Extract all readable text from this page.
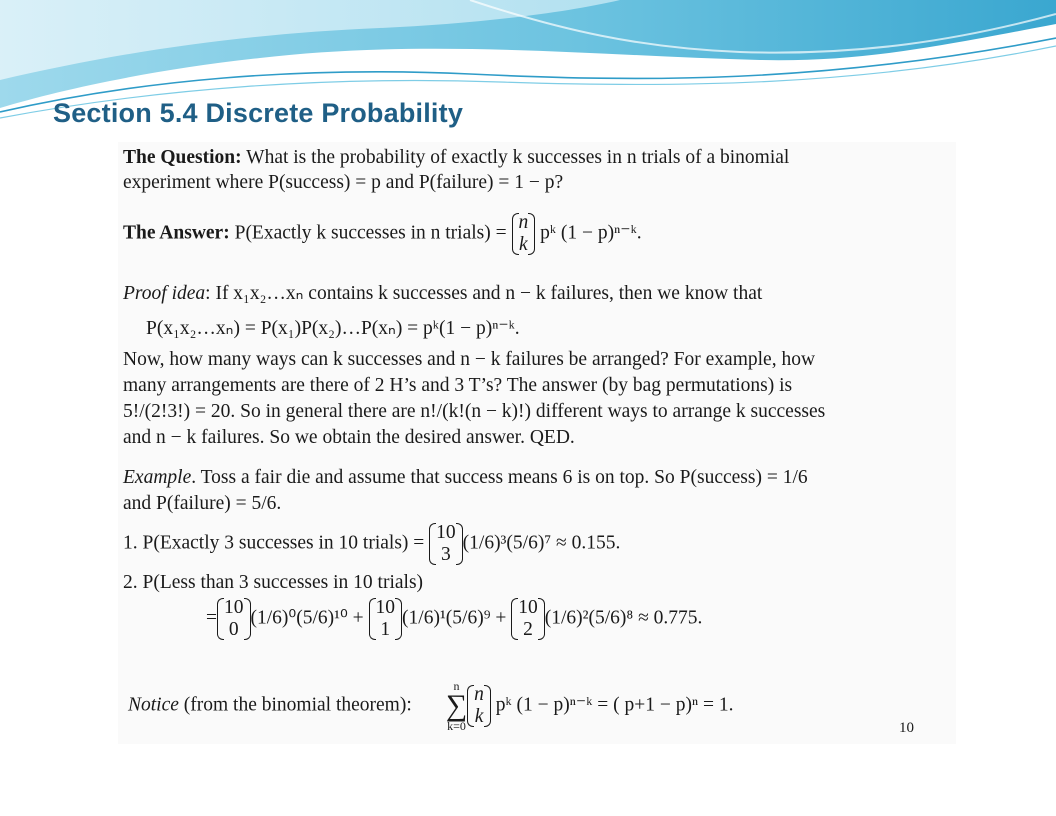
Section 5.4 Discrete Probability
The Question: What is the probability of exactly k successes in n trials of a binomial
experiment where P(success) = p and P(failure) = 1 − p?
The Answer: P(Exactly k successes in n trials) = n
k
pᵏ (1 − p)ⁿ⁻ᵏ.
Proof idea: If x₁x₂…xₙ contains k successes and n − k failures, then we know that
P(x₁x₂…xₙ) = P(x₁)P(x₂)…P(xₙ) = pᵏ(1 − p)ⁿ⁻ᵏ.
Now, how many ways can k successes and n − k failures be arranged? For example, how
many arrangements are there of 2 H’s and 3 T’s? The answer (by bag permutations) is
5!/(2!3!) = 20. So in general there are n!/(k!(n − k)!) different ways to arrange k successes
and n − k failures. So we obtain the desired answer. QED.
Example. Toss a fair die and assume that success means 6 is on top. So P(success) = 1/6
and P(failure) = 5/6.
1. P(Exactly 3 successes in 10 trials) = 10
3
(1/6)³(5/6)⁷ ≈ 0.155.
2. P(Less than 3 successes in 10 trials)
= 10
0
(1/6)⁰(5/6)¹⁰ + 10
1
(1/6)¹(5/6)⁹ + 10
2
(1/6)²(5/6)⁸ ≈ 0.775.
Notice (from the binomial theorem):n
∑
k=0
n
k
pᵏ (1 − p)ⁿ⁻ᵏ = ( p+1 − p)ⁿ = 1.
10
